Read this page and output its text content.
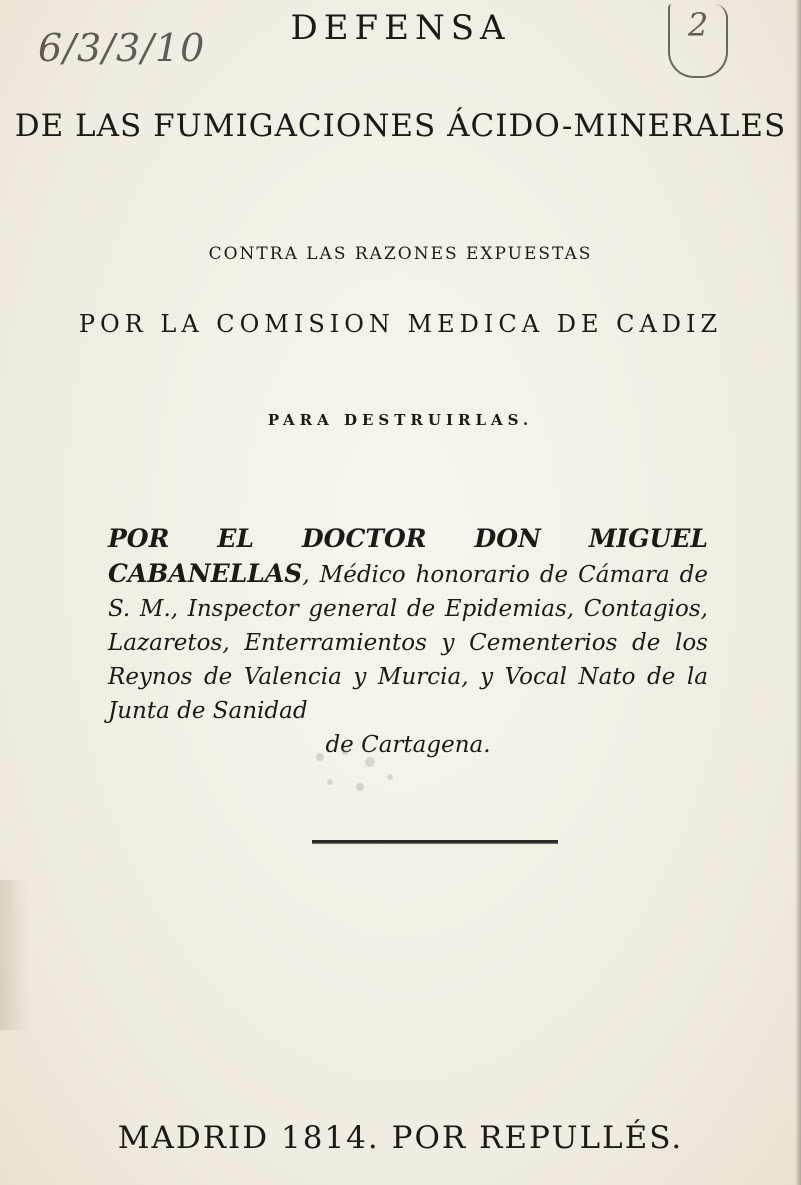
6/3/3/10
2
DEFENSA
DE LAS FUMIGACIONES ÁCIDO-MINERALES
CONTRA LAS RAZONES EXPUESTAS
POR LA COMISION MEDICA DE CADIZ
PARA DESTRUIRLAS.
POR EL DOCTOR DON MIGUEL CABANELLAS, Médico honorario de Cámara de S. M., Inspector general de Epidemias, Contagios, Lazaretos, Enterramientos y Cementerios de los Reynos de Valencia y Murcia, y Vocal Nato de la Junta de Sanidad
de Cartagena.
MADRID 1814. POR REPULLÉS.
